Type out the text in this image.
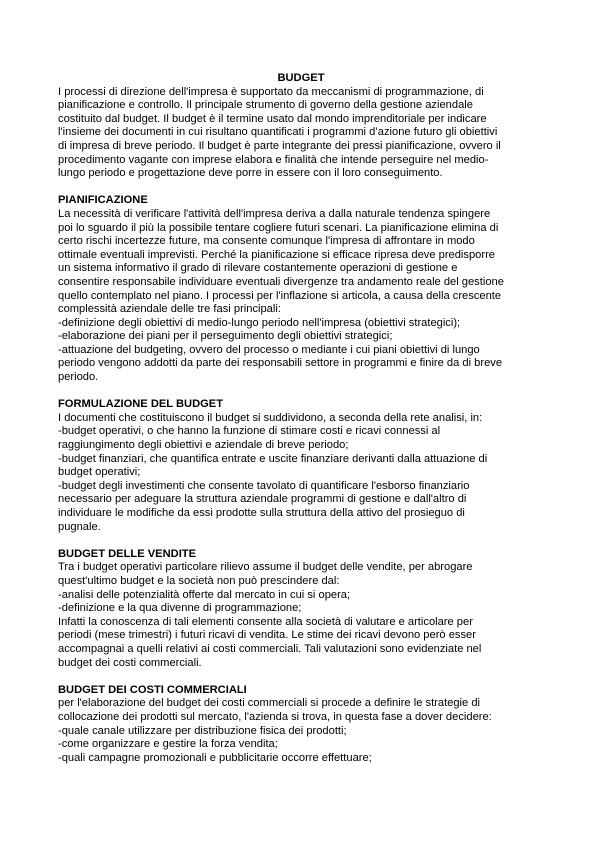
BUDGET
I processi di direzione dell'impresa è supportato da meccanismi di programmazione, di
pianificazione e controllo. Il principale strumento di governo della gestione aziendale
costituito dal budget. Il budget è il termine usato dal mondo imprenditoriale per indicare
l'insieme dei documenti in cui risultano quantificati i programmi d’azione futuro gli obiettivi
di impresa di breve periodo. Il budget è parte integrante dei pressi pianificazione, ovvero il
procedimento vagante con imprese elabora e finalità che intende perseguire nel medio-
lungo periodo e progettazione deve porre in essere con il loro conseguimento.
PIANIFICAZIONE
La necessità di verificare l'attività dell'impresa deriva a dalla naturale tendenza spingere
poi lo sguardo il più la possibile tentare cogliere futuri scenari. La pianificazione elimina di
certo rischi incertezze future, ma consente comunque l'impresa di affrontare in modo
ottimale eventuali imprevisti. Perché la pianificazione si efficace ripresa deve predisporre
un sistema informativo il grado di rilevare costantemente operazioni di gestione e
consentire responsabile individuare eventuali divergenze tra andamento reale del gestione
quello contemplato nel piano. I processi per l'inflazione si articola, a causa della crescente
complessità aziendale delle tre fasi principali:
-definizione degli obiettivi di medio-lungo periodo nell'impresa (obiettivi strategici);
-elaborazione dei piani per il perseguimento degli obiettivi strategici;
-attuazione del budgeting, ovvero del processo o mediante i cui piani obiettivi di lungo
periodo vengono addotti da parte dei responsabili settore in programmi e finire da di breve
periodo.
FORMULAZIONE DEL BUDGET
I documenti che costituiscono il budget si suddividono, a seconda della rete analisi, in:
-budget operativi, o che hanno la funzione di stimare costi e ricavi connessi al
raggiungimento degli obiettivi e aziendale di breve periodo;
-budget finanziari, che quantifica entrate e uscite finanziare derivanti dalla attuazione di
budget operativi;
-budget degli investimenti che consente tavolato di quantificare l'esborso finanziario
necessario per adeguare la struttura aziendale programmi di gestione e dall'altro di
individuare le modifiche da essi prodotte sulla struttura della attivo del prosieguo di
pugnale.
BUDGET DELLE VENDITE
Tra i budget operativi particolare rilievo assume il budget delle vendite, per abrogare
quest'ultimo budget e la società non può prescindere dal:
-analisi delle potenzialità offerte dal mercato in cui si opera;
-definizione e la qua divenne di programmazione;
Infatti la conoscenza di tali elementi consente alla società di valutare e articolare per
periodi (mese trimestri) i futuri ricavi di vendita. Le stime dei ricavi devono però esser
accompagnai a quelli relativi ai costi commerciali. Tali valutazioni sono evidenziate nel
budget dei costi commerciali.
BUDGET DEI COSTI COMMERCIALI
per l'elaborazione del budget dei costi commerciali si procede a definire le strategie di
collocazione dei prodotti sul mercato, l'azienda si trova, in questa fase a dover decidere:
-quale canale utilizzare per distribuzione fisica dei prodotti;
-come organizzare e gestire la forza vendita;
-quali campagne promozionali e pubblicitarie occorre effettuare;
